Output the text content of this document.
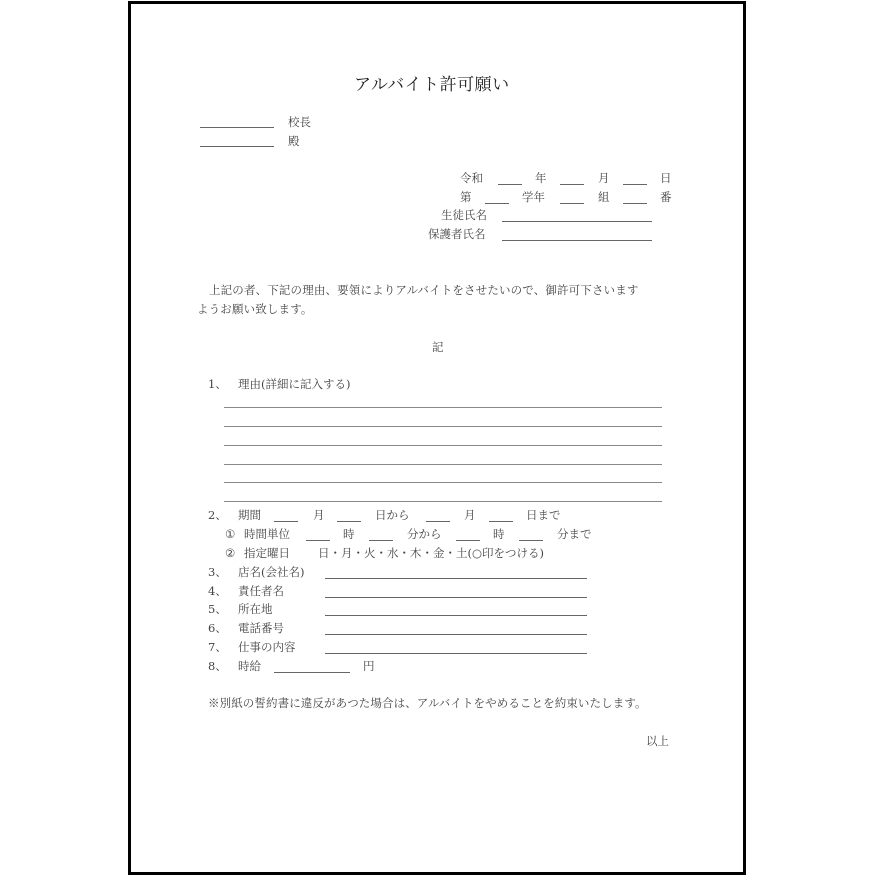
アルバイト許可願い
校長
殿
令和	年	月	日
第	学年	組	番
生徒氏名
保護者氏名
上記の者、下記の理由、要領によりアルバイトをさせたいので、御許可下さいます
ようお願い致します。
記
1、 理由(詳細に記入する)
2、 期間	月	日から	月	日まで
① 時間単位	時	分から	時	分まで
② 指定曜日 日・月・火・水・木・金・土(○印をつける)
3、 店名(会社名)
4、 責任者名
5、 所在地
6、 電話番号
7、 仕事の内容
8、 時給	円
※別紙の誓約書に違反があつた場合は、アルバイトをやめることを約束いたします。
以上
